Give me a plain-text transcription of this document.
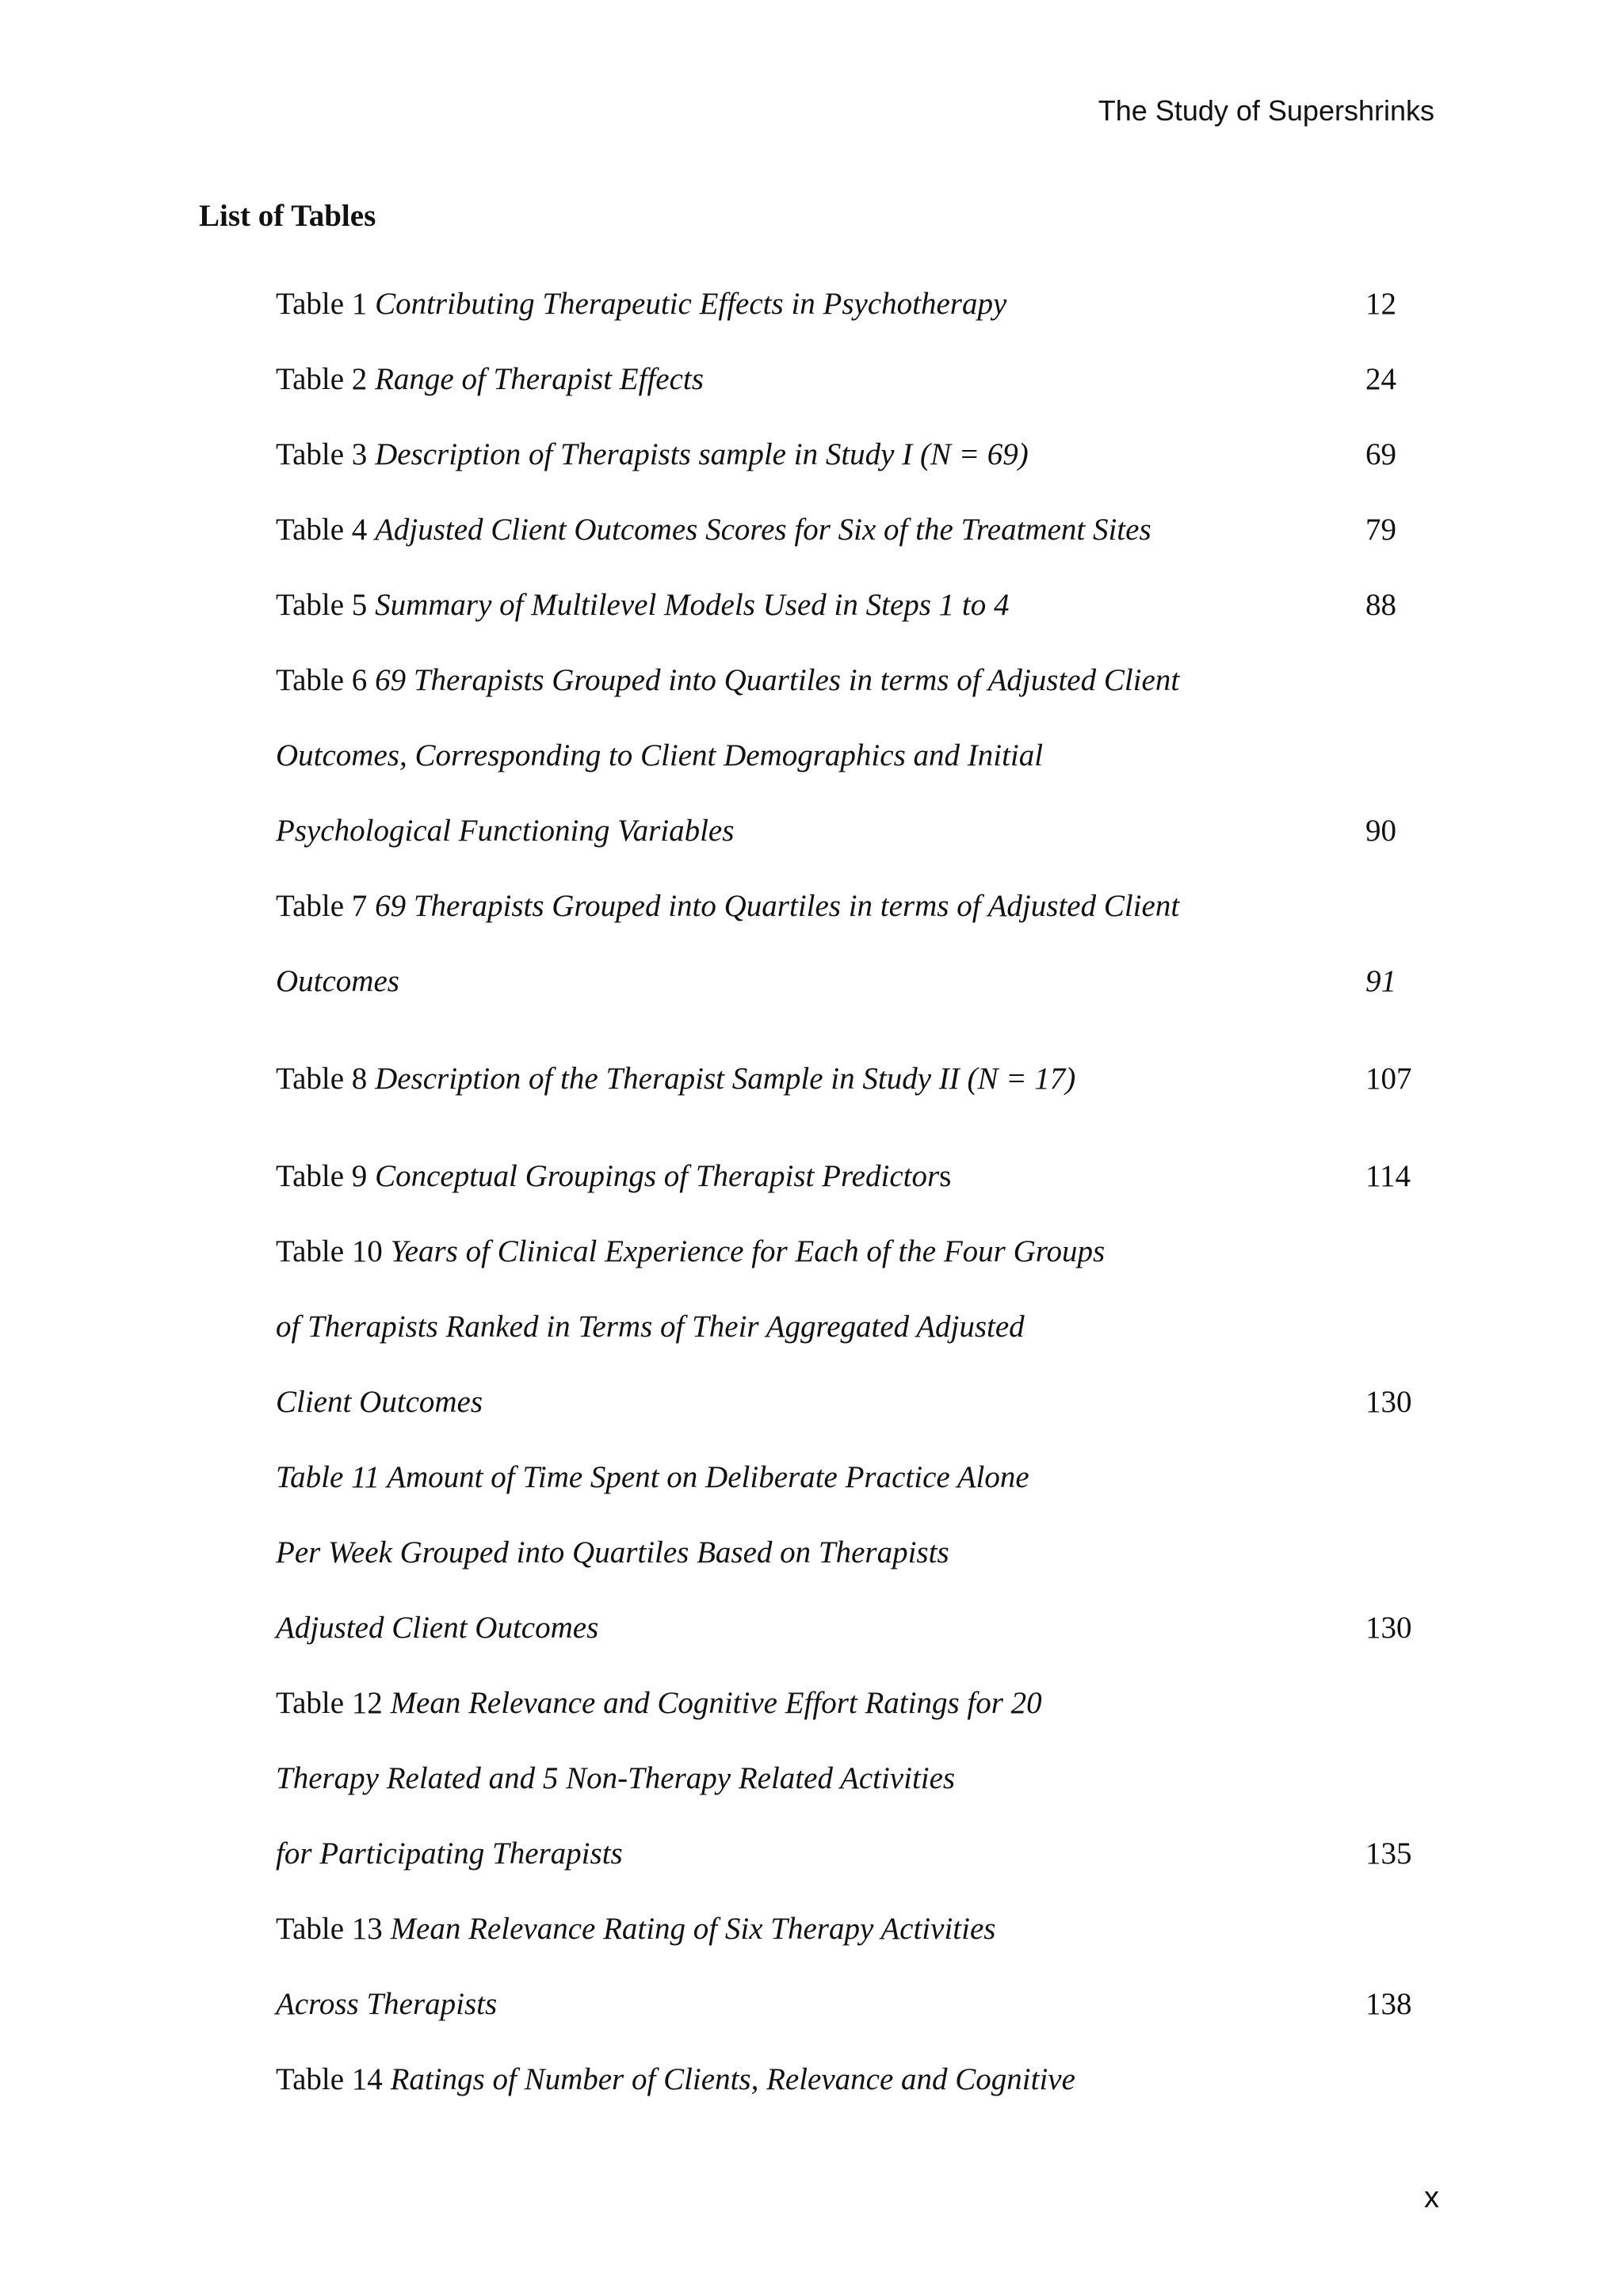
The Study of Supershrinks
List of Tables
Table 1 Contributing Therapeutic Effects in Psychotherapy	12
Table 2 Range of Therapist Effects	24
Table 3 Description of Therapists sample in Study I (N = 69)	69
Table 4 Adjusted Client Outcomes Scores for Six of the Treatment Sites	79
Table 5 Summary of Multilevel Models Used in Steps 1 to 4	88
Table 6 69 Therapists Grouped into Quartiles in terms of Adjusted Client
Outcomes, Corresponding to Client Demographics and Initial
Psychological Functioning Variables	90
Table 7 69 Therapists Grouped into Quartiles in terms of Adjusted Client
Outcomes	91
Table 8 Description of the Therapist Sample in Study II (N = 17)	107
Table 9 Conceptual Groupings of Therapist Predictors	114
Table 10 Years of Clinical Experience for Each of the Four Groups
of Therapists Ranked in Terms of Their Aggregated Adjusted
Client Outcomes	130
Table 11 Amount of Time Spent on Deliberate Practice Alone
Per Week Grouped into Quartiles Based on Therapists
Adjusted Client Outcomes	130
Table 12 Mean Relevance and Cognitive Effort Ratings for 20
Therapy Related and 5 Non-Therapy Related Activities
for Participating Therapists	135
Table 13 Mean Relevance Rating of Six Therapy Activities
Across Therapists	138
Table 14 Ratings of Number of Clients, Relevance and Cognitive
x
